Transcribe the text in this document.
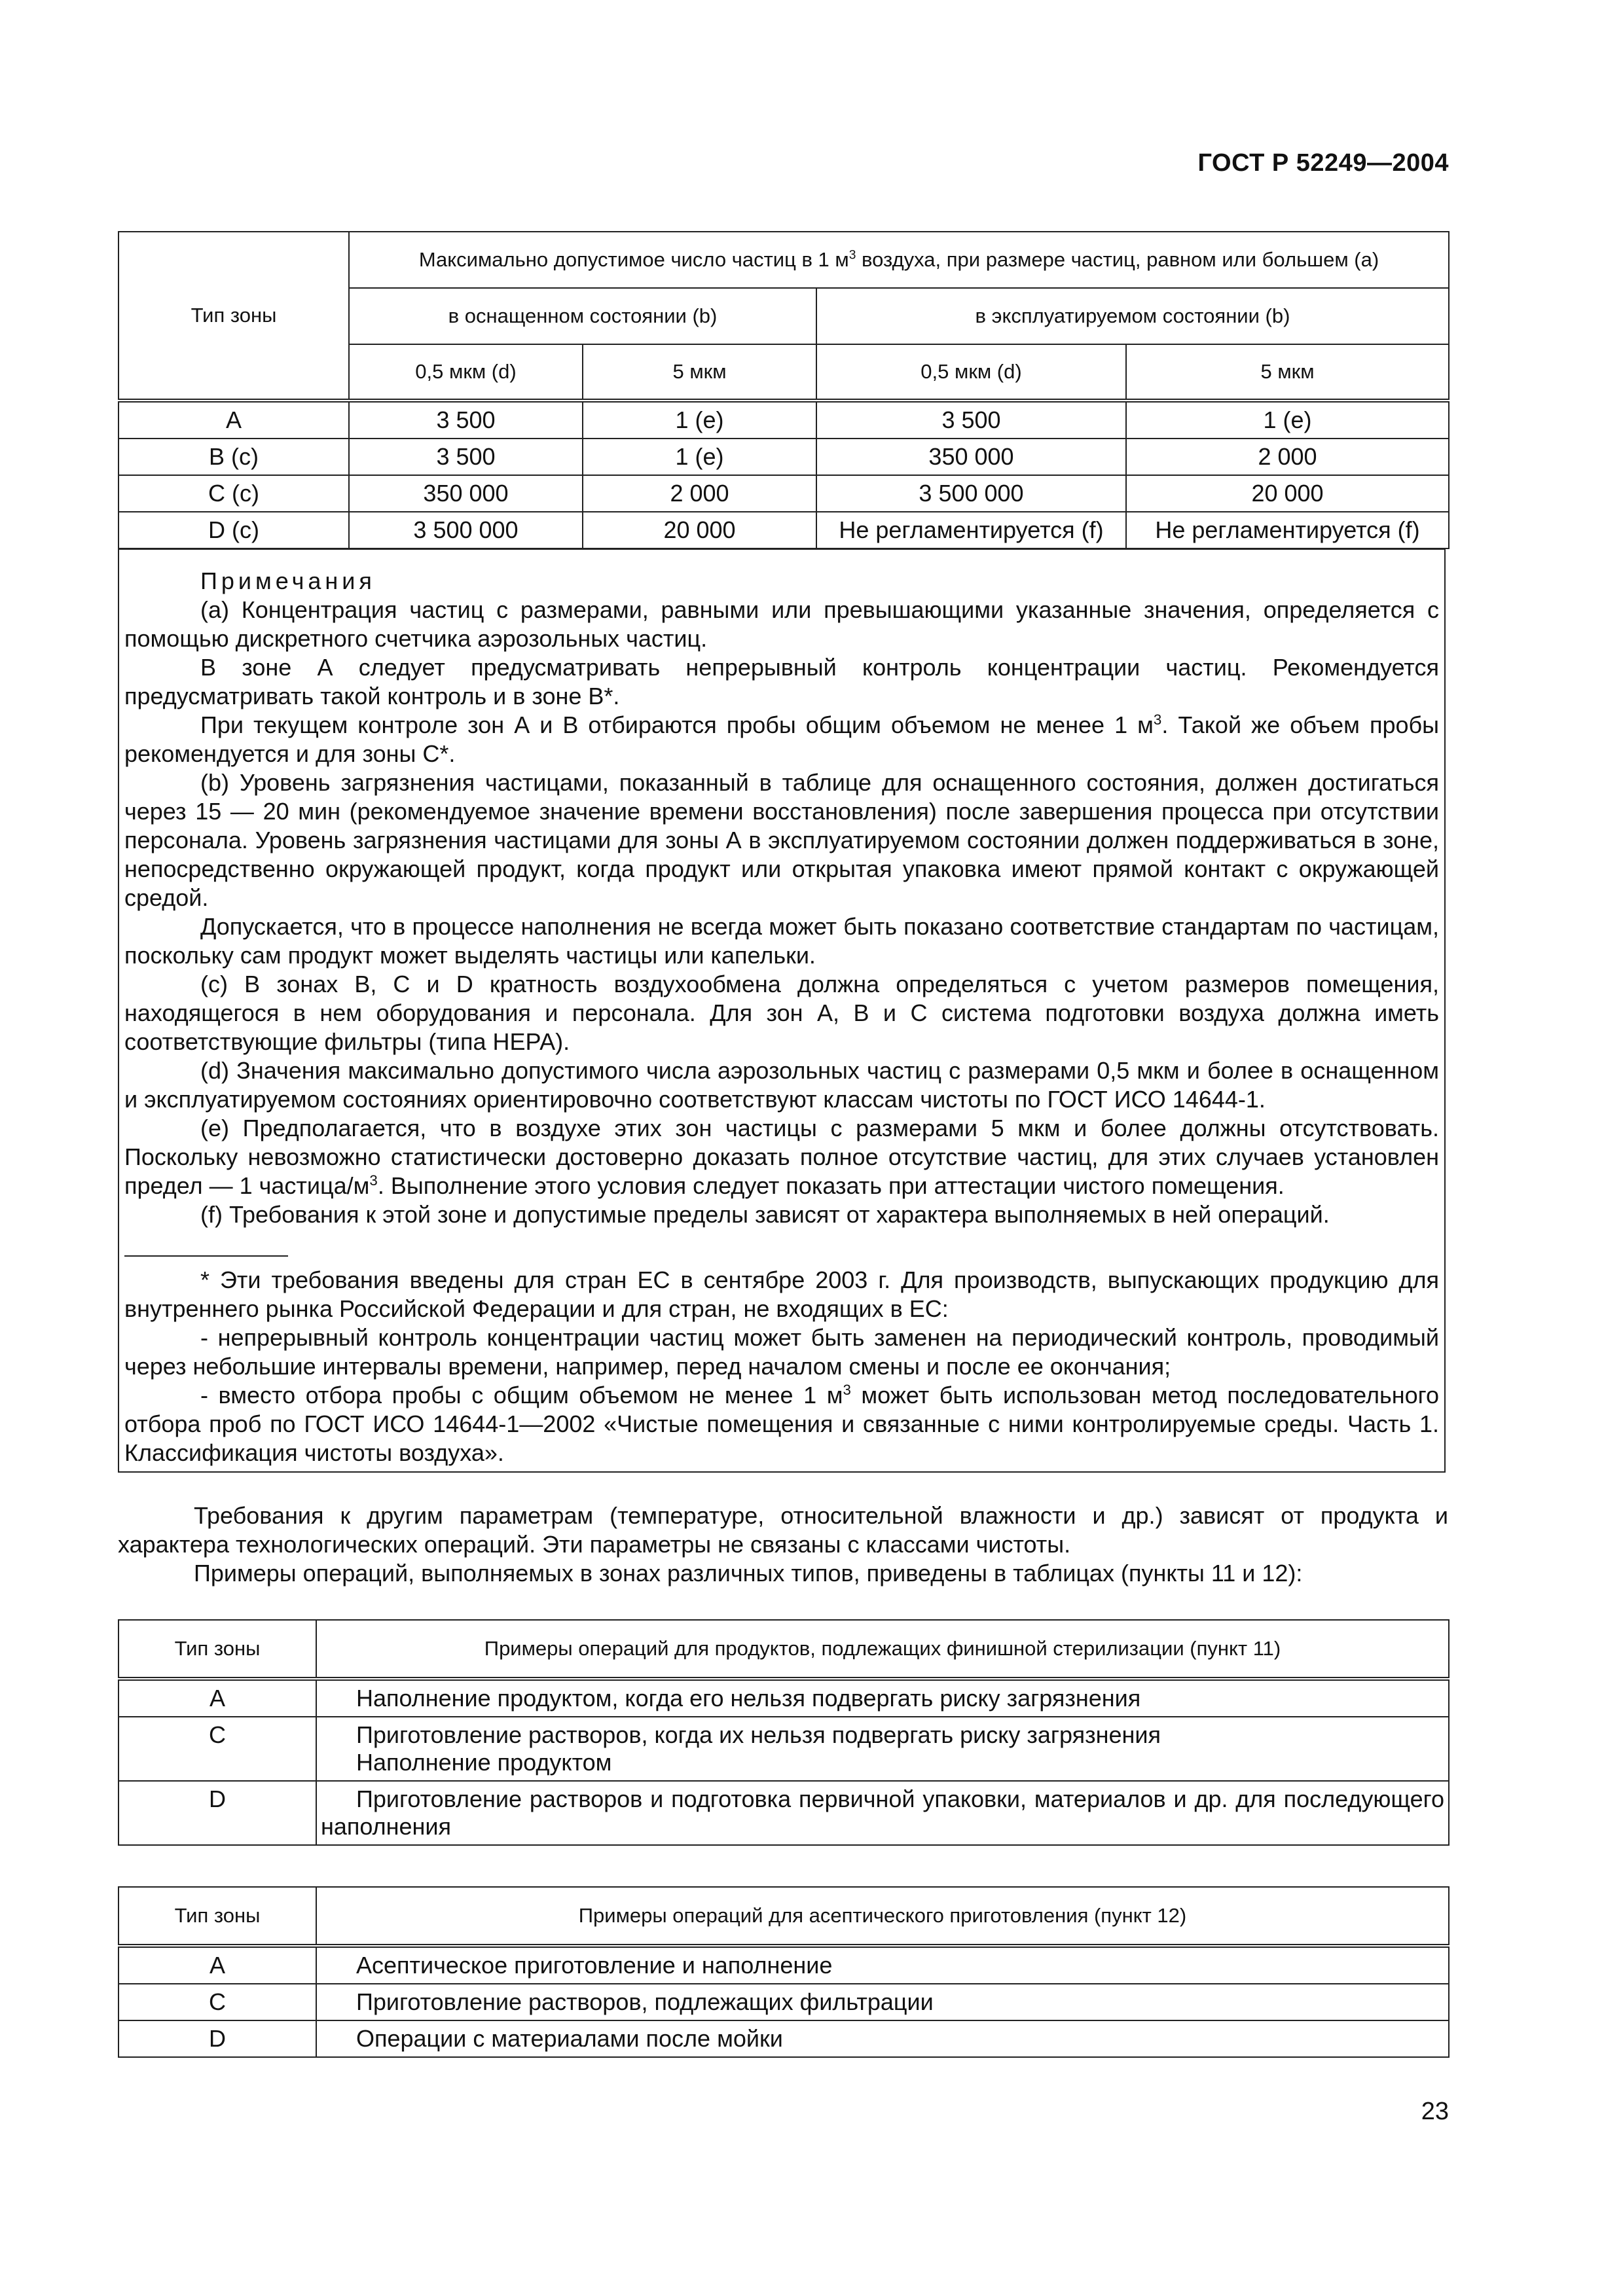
ГОСТ Р 52249—2004
Тип зоны	Максимально допустимое число частиц в 1 $м^3$ воздуха, при размере частиц, равном или большем (a)			
	в оснащенном состоянии (b)		в эксплуатируемом состоянии (b)	
	0,5 мкм (d)	5 мкм	0,5 мкм (d)	5 мкм
A	3 500	1 (e)	3 500	1 (e)
B (c)	3 500	1 (e)	350 000	2 000
C (c)	350 000	2 000	3 500 000	20 000
D (c)	3 500 000	20 000	Не регламентируется (f)	Не регламентируется (f)

Примечания

(a) Концентрация частиц с размерами, равными или превышающими указанные значения, определяется с помощью дискретного счетчика аэрозольных частиц.

В зоне А следует предусматривать непрерывный контроль концентрации частиц. Рекомендуется предусматривать такой контроль и в зоне В*.

При текущем контроле зон А и В отбираются пробы общим объемом не менее 1 $м^3$. Такой же объем пробы рекомендуется и для зоны С*.

(b) Уровень загрязнения частицами, показанный в таблице для оснащенного состояния, должен достигаться через 15 — 20 мин (рекомендуемое значение времени восстановления) после завершения процесса при отсутствии персонала. Уровень загрязнения частицами для зоны А в эксплуатируемом состоянии должен поддерживаться в зоне, непосредственно окружающей продукт, когда продукт или открытая упаковка имеют прямой контакт с окружающей средой.

Допускается, что в процессе наполнения не всегда может быть показано соответствие стандартам по частицам, поскольку сам продукт может выделять частицы или капельки.

(c) В зонах В, С и D кратность воздухообмена должна определяться с учетом размеров помещения, находящегося в нем оборудования и персонала. Для зон А, В и С система подготовки воздуха должна иметь соответствующие фильтры (типа НЕРА).

(d) Значения максимально допустимого числа аэрозольных частиц с размерами 0,5 мкм и более в оснащенном и эксплуатируемом состояниях ориентировочно соответствуют классам чистоты по ГОСТ ИСО 14644-1.

(e) Предполагается, что в воздухе этих зон частицы с размерами 5 мкм и более должны отсутствовать. Поскольку невозможно статистически достоверно доказать полное отсутствие частиц, для этих случаев установлен предел — 1 частица/$м^3$. Выполнение этого условия следует показать при аттестации чистого помещения.

(f) Требования к этой зоне и допустимые пределы зависят от характера выполняемых в ней операций.

* Эти требования введены для стран ЕС в сентябре 2003 г. Для производств, выпускающих продукцию для внутреннего рынка Российской Федерации и для стран, не входящих в ЕС:

- непрерывный контроль концентрации частиц может быть заменен на периодический контроль, проводимый через небольшие интервалы времени, например, перед началом смены и после ее окончания;

- вместо отбора пробы с общим объемом не менее 1 $м^3$ может быть использован метод последовательного отбора проб по ГОСТ ИСО 14644-1—2002 «Чистые помещения и связанные с ними контролируемые среды. Часть 1. Классификация чистоты воздуха».

Требования к другим параметрам (температуре, относительной влажности и др.) зависят от продукта и характера технологических операций. Эти параметры не связаны с классами чистоты.

Примеры операций, выполняемых в зонах различных типов, приведены в таблицах (пункты 11 и 12):

Тип зоны	Примеры операций для продуктов, подлежащих финишной стерилизации (пункт 11)
A	Наполнение продуктом, когда его нельзя подвергать риску загрязнения

C	Приготовление растворов, когда их нельзя подвергать риску загрязнения
Наполнение продуктом

D	Приготовление растворов и подготовка первичной упаковки, материалов и др. для последующего наполнения
Тип зоны	Примеры операций для асептического приготовления (пункт 12)
A	Асептическое приготовление и наполнение

C	Приготовление растворов, подлежащих фильтрации

D	Операции с материалами после мойки
23
